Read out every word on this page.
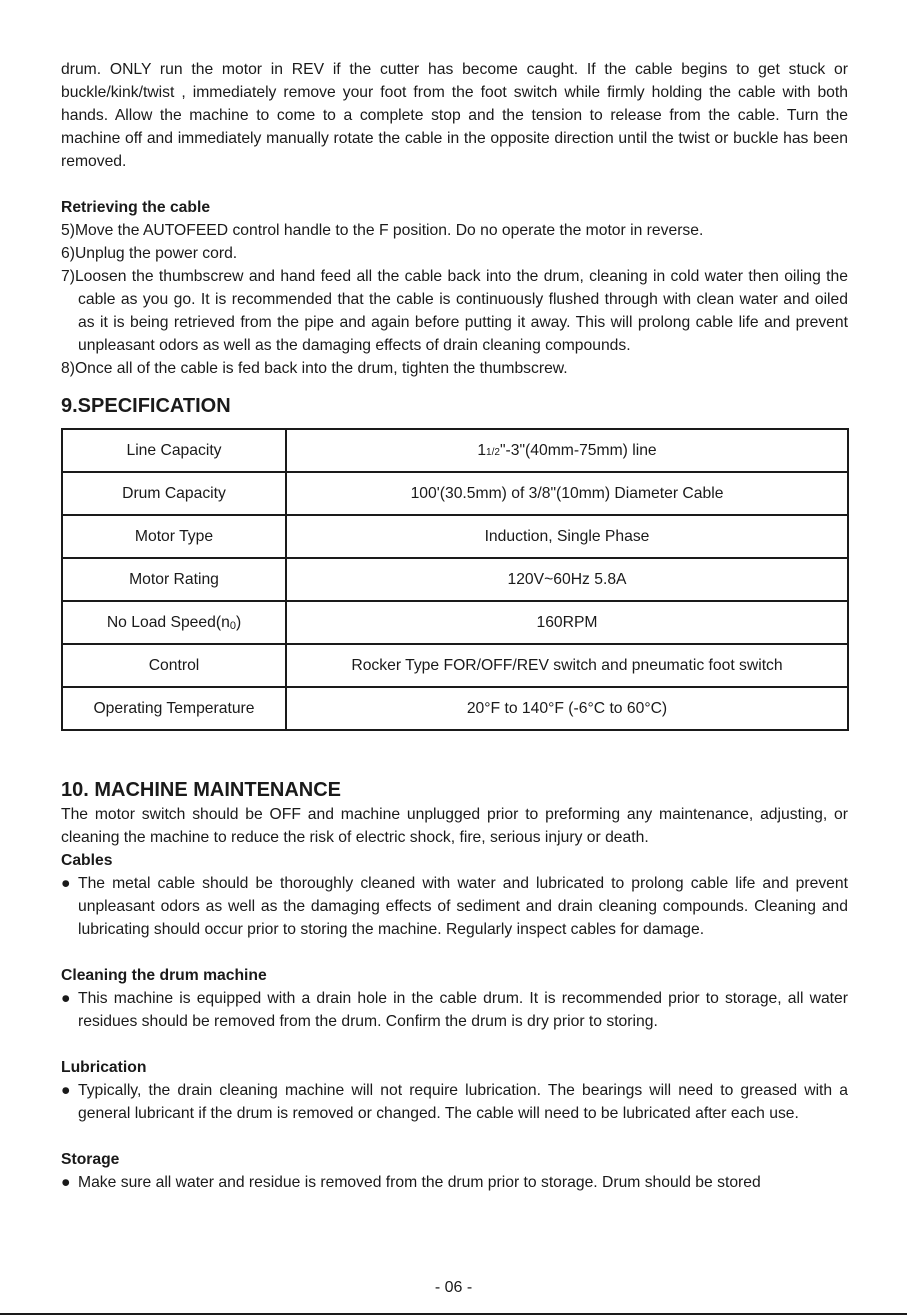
drum. ONLY run the motor in REV if the cutter has become caught. If the cable begins to get stuck or buckle/kink/twist , immediately remove your foot from the foot switch while firmly holding the cable with both hands. Allow the machine to come to a complete stop and the tension to release from the cable. Turn the machine off and immediately manually rotate the cable in the opposite direction until the twist or buckle has been removed.

Retrieving the cable

5)Move the AUTOFEED control handle to the F position. Do no operate the motor in reverse.

6)Unplug the power cord.

7)Loosen the thumbscrew and hand feed all the cable back into the drum, cleaning in cold water then oiling the cable as you go. It is recommended that the cable is continuously flushed through with clean water and oiled as it is being retrieved from the pipe and again before putting it away. This will prolong cable life and prevent unpleasant odors as well as the damaging effects of drain cleaning compounds.

8)Once all of the cable is fed back into the drum, tighten the thumbscrew.

9.SPECIFICATION

Line Capacity	11/2"-3"(40mm-75mm) line
Drum Capacity	100'(30.5mm) of 3/8"(10mm) Diameter Cable
Motor Type	Induction, Single Phase
Motor Rating	120V~60Hz 5.8A
No Load Speed(n0)	160RPM
Control	Rocker Type FOR/OFF/REV switch and pneumatic foot switch
Operating Temperature	20°F to 140°F (-6°C to 60°C)

10. MACHINE MAINTENANCE

The motor switch should be OFF and machine unplugged prior to preforming any maintenance, adjusting, or cleaning the machine to reduce the risk of electric shock, fire, serious injury or death.

Cables

● The metal cable should be thoroughly cleaned with water and lubricated to prolong cable life and prevent unpleasant odors as well as the damaging effects of sediment and drain cleaning compounds. Cleaning and lubricating should occur prior to storing the machine. Regularly inspect cables for damage.

Cleaning the drum machine

● This machine is equipped with a drain hole in the cable drum. It is recommended prior to storage, all water residues should be removed from the drum. Confirm the drum is dry prior to storing.

Lubrication

● Typically, the drain cleaning machine will not require lubrication. The bearings will need to greased with a general lubricant if the drum is removed or changed. The cable will need to be lubricated after each use.

Storage

● Make sure all water and residue is removed from the drum prior to storage. Drum should be stored

- 06 -
